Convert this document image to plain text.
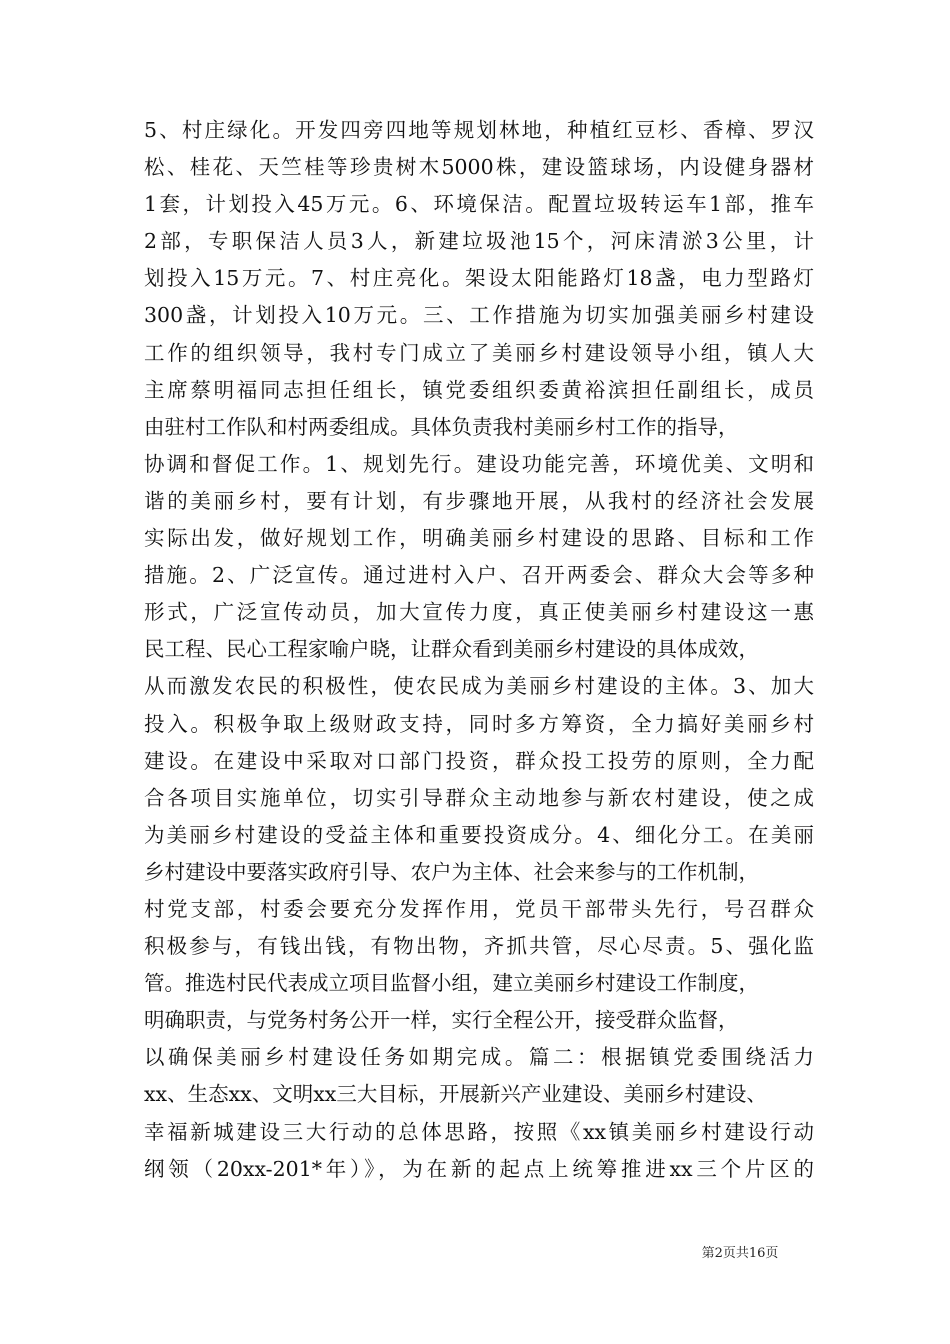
5、村庄绿化。开发四旁四地等规划林地，种植红豆杉、香樟、罗汉
松、桂花、天竺桂等珍贵树木5000株，建设篮球场，内设健身器材
1套，计划投入45万元。6、环境保洁。配置垃圾转运车1部，推车
2部，专职保洁人员3人，新建垃圾池15个，河床清淤3公里，计
划投入15万元。7、村庄亮化。架设太阳能路灯18盏，电力型路灯
300盏，计划投入10万元。三、工作措施为切实加强美丽乡村建设
工作的组织领导，我村专门成立了美丽乡村建设领导小组，镇人大
主席蔡明福同志担任组长，镇党委组织委黄裕滨担任副组长，成员
由驻村工作队和村两委组成。具体负责我村美丽乡村工作的指导，
协调和督促工作。1、规划先行。建设功能完善，环境优美、文明和
谐的美丽乡村，要有计划，有步骤地开展，从我村的经济社会发展
实际出发，做好规划工作，明确美丽乡村建设的思路、目标和工作
措施。2、广泛宣传。通过进村入户、召开两委会、群众大会等多种
形式，广泛宣传动员，加大宣传力度，真正使美丽乡村建设这一惠
民工程、民心工程家喻户晓，让群众看到美丽乡村建设的具体成效，
从而激发农民的积极性，使农民成为美丽乡村建设的主体。3、加大
投入。积极争取上级财政支持，同时多方筹资，全力搞好美丽乡村
建设。在建设中采取对口部门投资，群众投工投劳的原则，全力配
合各项目实施单位，切实引导群众主动地参与新农村建设，使之成
为美丽乡村建设的受益主体和重要投资成分。4、细化分工。在美丽
乡村建设中要落实政府引导、农户为主体、社会来参与的工作机制，
村党支部，村委会要充分发挥作用，党员干部带头先行，号召群众
积极参与，有钱出钱，有物出物，齐抓共管，尽心尽责。5、强化监
管。推选村民代表成立项目监督小组，建立美丽乡村建设工作制度，
明确职责，与党务村务公开一样，实行全程公开，接受群众监督，
以确保美丽乡村建设任务如期完成。篇二：根据镇党委围绕活力
xx、生态xx、文明xx三大目标，开展新兴产业建设、美丽乡村建设、
幸福新城建设三大行动的总体思路，按照《xx镇美丽乡村建设行动
纲领（20xx-201*年）》，为在新的起点上统筹推进xx三个片区的
第2页共16页
